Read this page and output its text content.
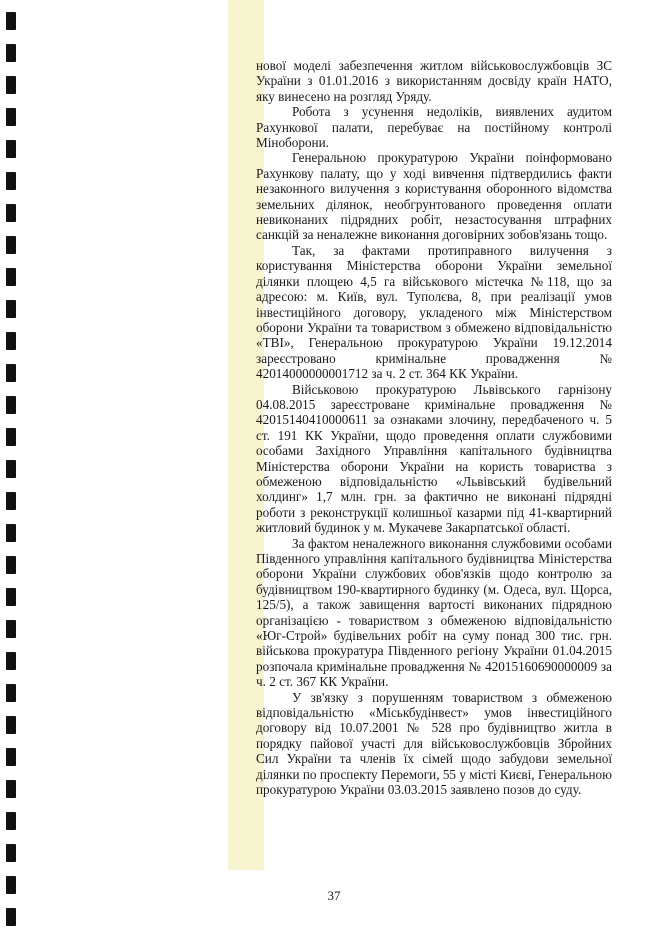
нової моделі забезпечення житлом військовослужбовців ЗС України з 01.01.2016 з використанням досвіду країн НАТО, яку винесено на розгляд Уряду.

Робота з усунення недоліків, виявлених аудитом Рахункової палати, перебуває на постійному контролі Міноборони.

Генеральною прокуратурою України поінформовано Рахункову палату, що у ході вивчення підтвердились факти незаконного вилучення з користування оборонного відомства земельних ділянок, необгрунтованого проведення оплати невиконаних підрядних робіт, незастосування штрафних санкцій за неналежне виконання договірних зобов'язань тощо.

Так, за фактами протиправного вилучення з користування Міністерства оборони України земельної ділянки площею 4,5 га військового містечка №118, що за адресою: м. Київ, вул. Туполєва, 8, при реалізації умов інвестиційного договору, укладеного між Міністерством оборони України та товариством з обмежено відповідальністю «ТВІ», Генеральною прокуратурою України 19.12.2014 зареєстровано кримінальне провадження № 42014000000001712 за ч. 2 ст. 364 КК України.

Військовою прокуратурою Львівського гарнізону 04.08.2015 зареєстроване кримінальне провадження № 42015140410000611 за ознаками злочину, передбаченого ч. 5 ст. 191 КК України, щодо проведення оплати службовими особами Західного Управління капітального будівництва Міністерства оборони України на користь товариства з обмеженою відповідальністю «Львівський будівельний холдинг» 1,7 млн. грн. за фактично не виконані підрядні роботи з реконструкції колишньої казарми під 41-квартирний житловий будинок у м. Мукачеве Закарпатської області.

За фактом неналежного виконання службовими особами Південного управління капітального будівництва Міністерства оборони України службових обов'язків щодо контролю за будівництвом 190-квартирного будинку (м. Одеса, вул. Щорса, 125/5), а також завищення вартості виконаних підрядною організацією - товариством з обмеженою відповідальністю «Юг-Строй» будівельних робіт на суму понад 300 тис. грн. військова прокуратура Південного регіону України 01.04.2015 розпочала кримінальне провадження № 42015160690000009 за ч. 2 ст. 367 КК України.

У зв'язку з порушенням товариством з обмеженою відповідальністю «Міськбудінвест» умов інвестиційного договору від 10.07.2001 № 528 про будівництво житла в порядку пайової участі для військовослужбовців Збройних Сил України та членів їх сімей щодо забудови земельної ділянки по проспекту Перемоги, 55 у місті Києві, Генеральною прокуратурою України 03.03.2015 заявлено позов до суду.

37
